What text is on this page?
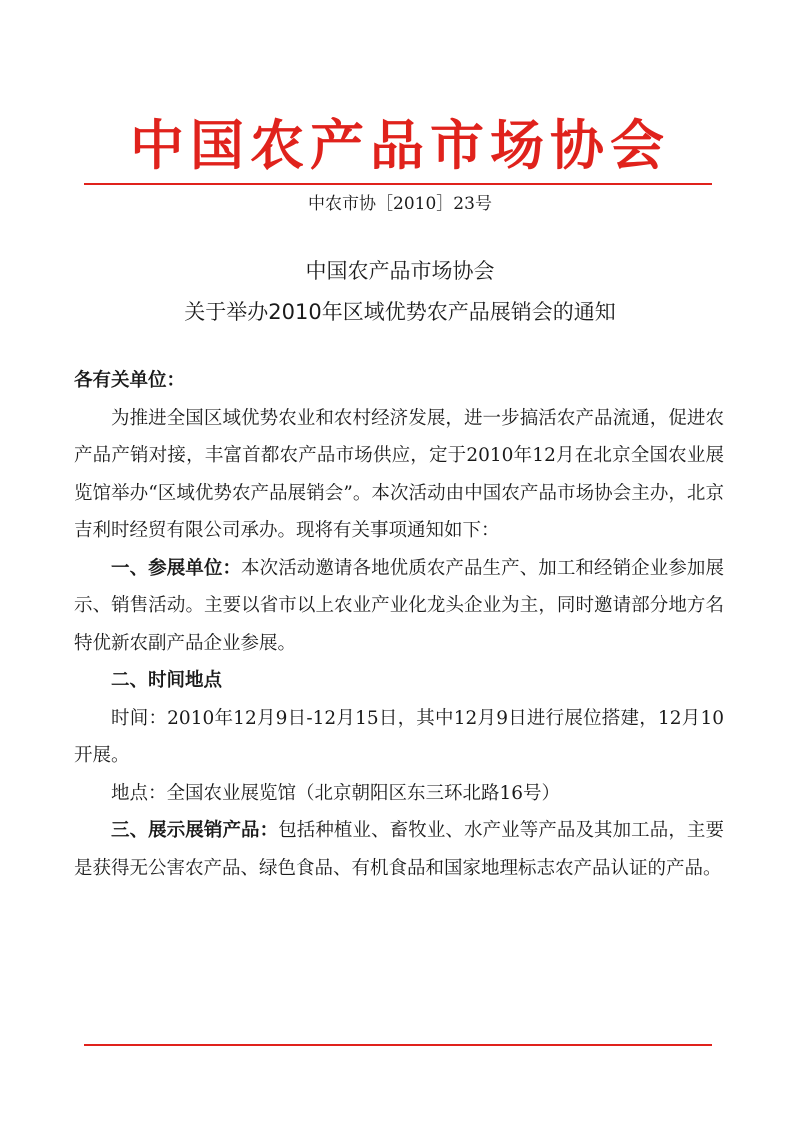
中国农产品市场协会
中农市协［2010］23号
中国农产品市场协会
关于举办2010年区域优势农产品展销会的通知

各有关单位：

为推进全国区域优势农业和农村经济发展，进一步搞活农产品流通，促进农产品产销对接，丰富首都农产品市场供应，定于2010年12月在北京全国农业展览馆举办“区域优势农产品展销会”。本次活动由中国农产品市场协会主办，北京吉利时经贸有限公司承办。现将有关事项通知如下：

一、参展单位：本次活动邀请各地优质农产品生产、加工和经销企业参加展示、销售活动。主要以省市以上农业产业化龙头企业为主，同时邀请部分地方名特优新农副产品企业参展。

二、时间地点

时间：2010年12月9日-12月15日，其中12月9日进行展位搭建，12月10开展。

地点：全国农业展览馆（北京朝阳区东三环北路16号）

三、展示展销产品：包括种植业、畜牧业、水产业等产品及其加工品，主要是获得无公害农产品、绿色食品、有机食品和国家地理标志农产品认证的产品。
